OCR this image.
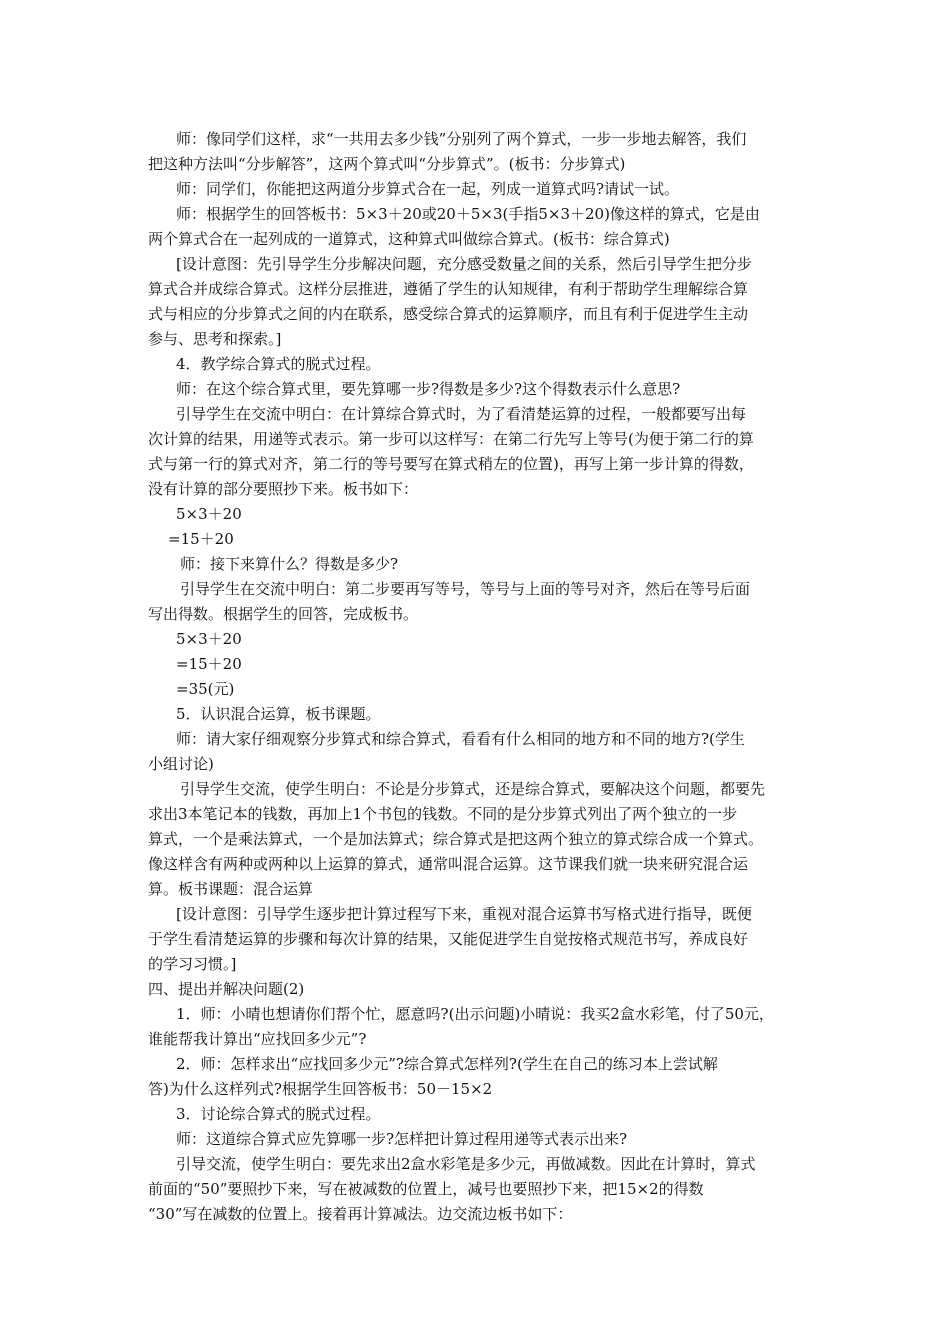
师：像同学们这样，求“一共用去多少钱”分别列了两个算式，一步一步地去解答，我们
把这种方法叫“分步解答”，这两个算式叫“分步算式”。(板书：分步算式)
师：同学们，你能把这两道分步算式合在一起，列成一道算式吗?请试一试。
师：根据学生的回答板书：5×3＋20或20＋5×3(手指5×3＋20)像这样的算式，它是由
两个算式合在一起列成的一道算式，这种算式叫做综合算式。(板书：综合算式)
[设计意图：先引导学生分步解决问题，充分感受数量之间的关系，然后引导学生把分步
算式合并成综合算式。这样分层推进，遵循了学生的认知规律，有利于帮助学生理解综合算
式与相应的分步算式之间的内在联系，感受综合算式的运算顺序，而且有利于促进学生主动
参与、思考和探索。]
4．教学综合算式的脱式过程。
师：在这个综合算式里，要先算哪一步?得数是多少?这个得数表示什么意思?
引导学生在交流中明白：在计算综合算式时，为了看清楚运算的过程，一般都要写出每
次计算的结果，用递等式表示。第一步可以这样写：在第二行先写上等号(为便于第二行的算
式与第一行的算式对齐，第二行的等号要写在算式稍左的位置)，再写上第一步计算的得数，
没有计算的部分要照抄下来。板书如下：
5×3＋20
=15＋20
师：接下来算什么？得数是多少?
引导学生在交流中明白：第二步要再写等号，等号与上面的等号对齐，然后在等号后面
写出得数。根据学生的回答，完成板书。
5×3＋20
=15＋20
=35(元)
5．认识混合运算，板书课题。
师：请大家仔细观察分步算式和综合算式，看看有什么相同的地方和不同的地方?(学生
小组讨论)
引导学生交流，使学生明白：不论是分步算式，还是综合算式，要解决这个问题，都要先
求出3本笔记本的钱数，再加上1个书包的钱数。不同的是分步算式列出了两个独立的一步
算式，一个是乘法算式，一个是加法算式；综合算式是把这两个独立的算式综合成一个算式。
像这样含有两种或两种以上运算的算式，通常叫混合运算。这节课我们就一块来研究混合运
算。板书课题：混合运算
[设计意图：引导学生逐步把计算过程写下来，重视对混合运算书写格式进行指导，既便
于学生看清楚运算的步骤和每次计算的结果，又能促进学生自觉按格式规范书写，养成良好
的学习习惯。]
四、提出并解决问题(2)
1．师：小晴也想请你们帮个忙，愿意吗?(出示问题)小晴说：我买2盒水彩笔，付了50元，
谁能帮我计算出“应找回多少元”?
2．师：怎样求出“应找回多少元”?综合算式怎样列?(学生在自己的练习本上尝试解
答)为什么这样列式?根据学生回答板书：50－15×2
3．讨论综合算式的脱式过程。
师：这道综合算式应先算哪一步?怎样把计算过程用递等式表示出来?
引导交流，使学生明白：要先求出2盒水彩笔是多少元，再做减数。因此在计算时，算式
前面的“50”要照抄下来，写在被减数的位置上，减号也要照抄下来，把15×2的得数
“30”写在减数的位置上。接着再计算减法。边交流边板书如下：
